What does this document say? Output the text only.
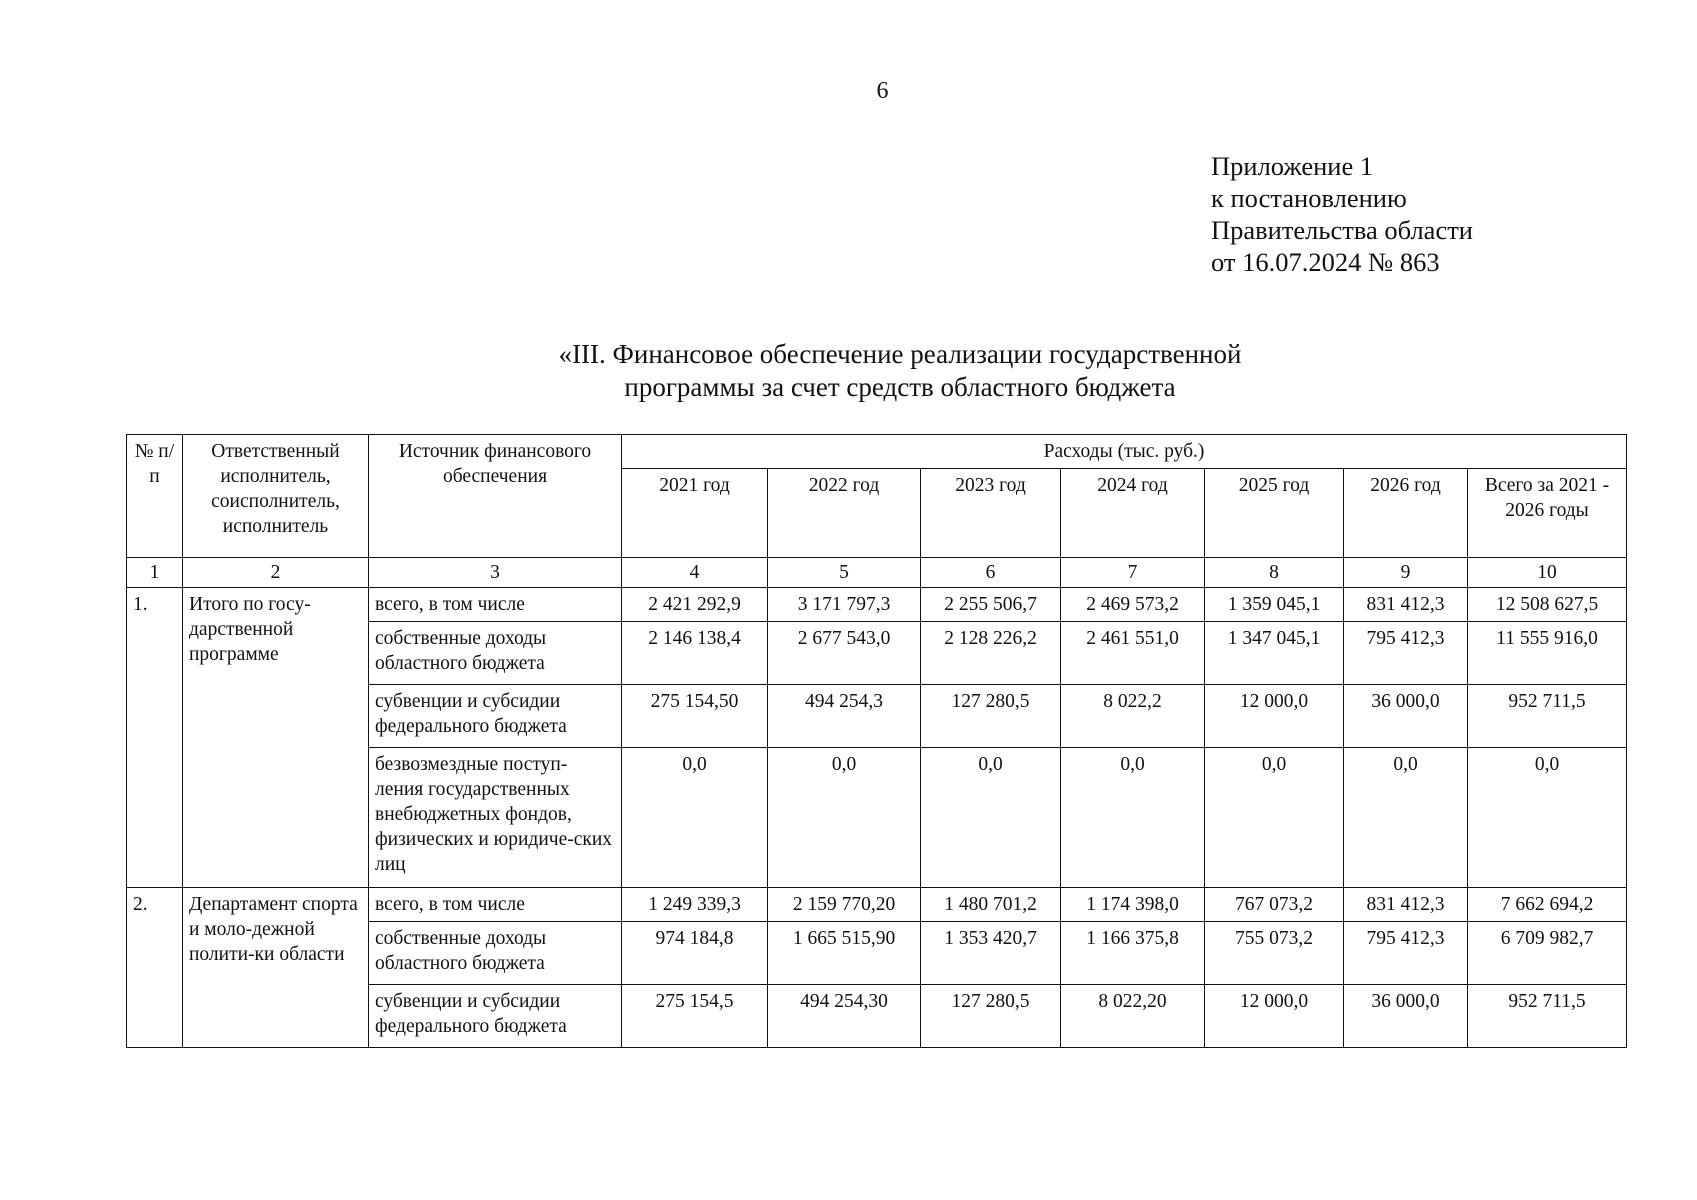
6
Приложение 1
к постановлению
Правительства области
от 16.07.2024 № 863
«III. Финансовое обеспечение реализации государственной
программы за счет средств областного бюджета
№ п/п	Ответственный исполнитель, соисполнитель, исполнитель	Источник финансового обеспечения	Расходы (тыс. руб.)						
			2021 год	2022 год	2023 год	2024 год	2025 год	2026 год	Всего за 2021 - 2026 годы
1	2	3	4	5	6	7	8	9	10
1.	Итого по госу-дарственной программе	всего, в том числе	2 421 292,9	3 171 797,3	2 255 506,7	2 469 573,2	1 359 045,1	831 412,3	12 508 627,5
		собственные доходы областного бюджета	2 146 138,4	2 677 543,0	2 128 226,2	2 461 551,0	1 347 045,1	795 412,3	11 555 916,0
		субвенции и субсидии федерального бюджета	275 154,50	494 254,3	127 280,5	8 022,2	12 000,0	36 000,0	952 711,5
		безвозмездные поступ-ления государственных внебюджетных фондов, физических и юридиче-ских лиц	0,0	0,0	0,0	0,0	0,0	0,0	0,0
2.	Департамент спорта и моло-дежной полити-ки области	всего, в том числе	1 249 339,3	2 159 770,20	1 480 701,2	1 174 398,0	767 073,2	831 412,3	7 662 694,2
		собственные доходы областного бюджета	974 184,8	1 665 515,90	1 353 420,7	1 166 375,8	755 073,2	795 412,3	6 709 982,7
		субвенции и субсидии федерального бюджета	275 154,5	494 254,30	127 280,5	8 022,20	12 000,0	36 000,0	952 711,5
